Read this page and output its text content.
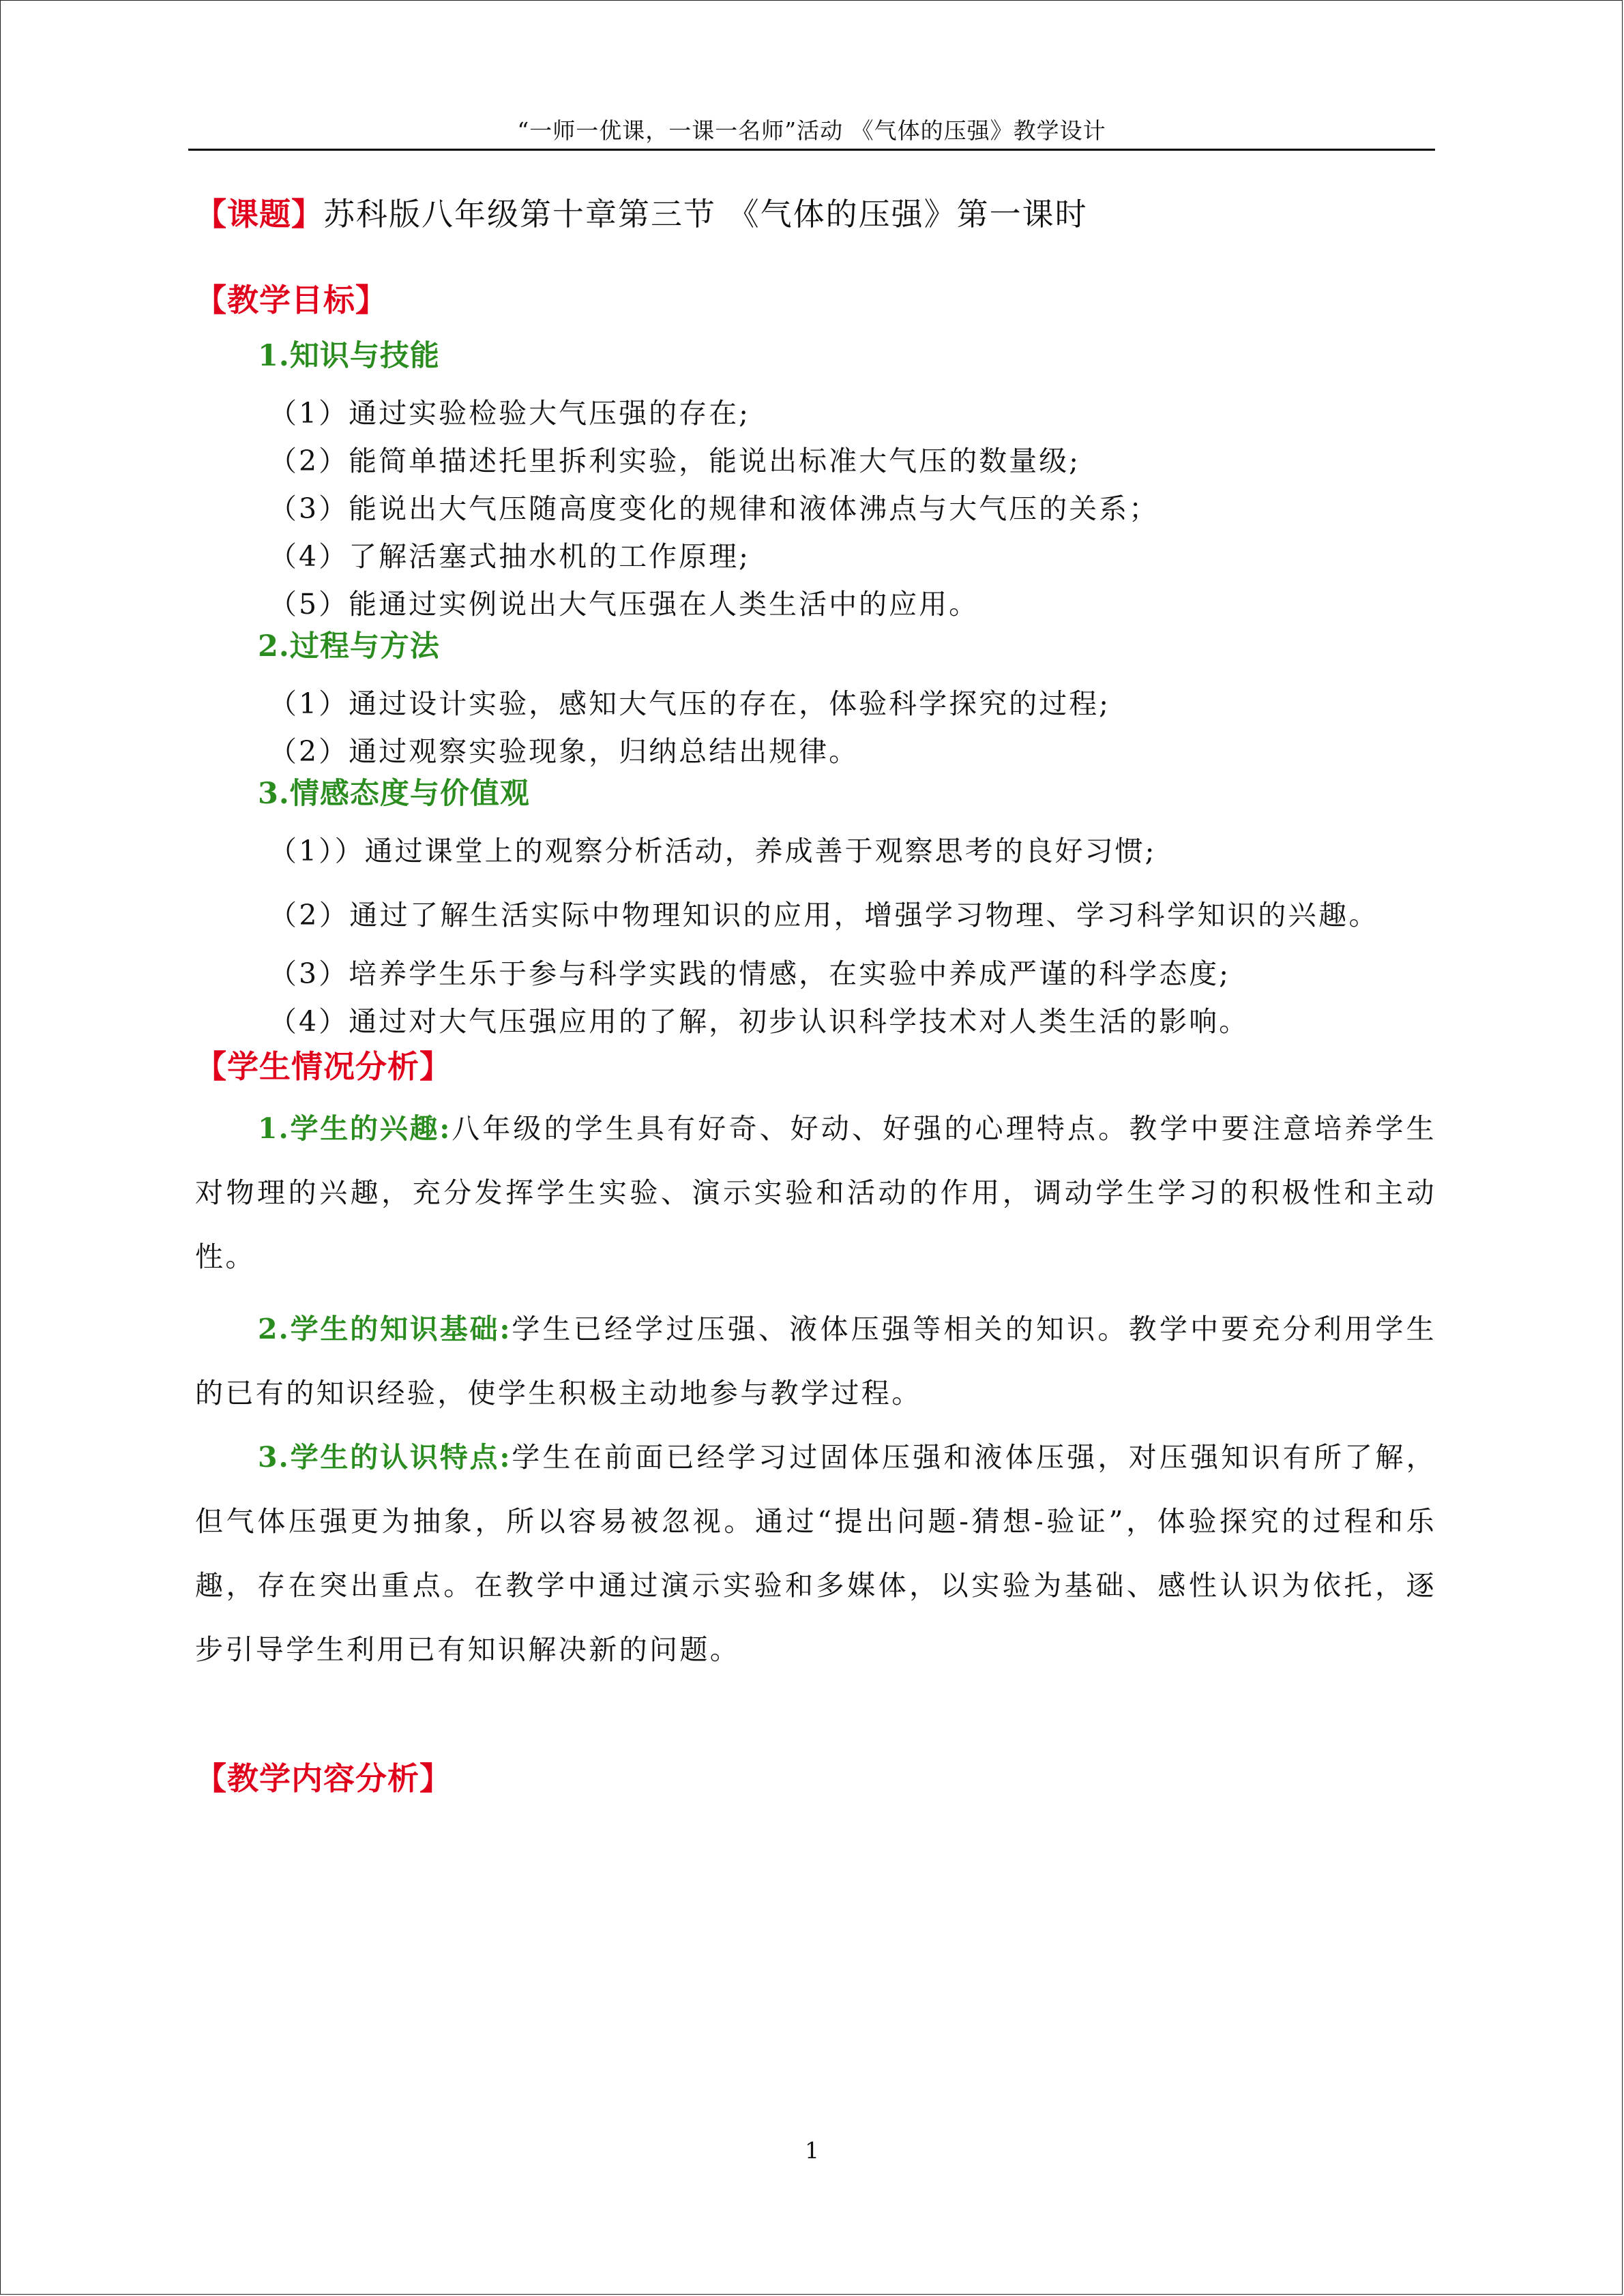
“一师一优课，一课一名师”活动 《气体的压强》教学设计
【课题】苏科版八年级第十章第三节 《气体的压强》第一课时
【教学目标】
1.知识与技能
（1）通过实验检验大气压强的存在;
（2）能简单描述托里拆利实验，能说出标准大气压的数量级;
（3）能说出大气压随高度变化的规律和液体沸点与大气压的关系；
（4）了解活塞式抽水机的工作原理;
（5）能通过实例说出大气压强在人类生活中的应用。
2.过程与方法
（1）通过设计实验，感知大气压的存在，体验科学探究的过程;
（2）通过观察实验现象，归纳总结出规律。
3.情感态度与价值观
（1））通过课堂上的观察分析活动，养成善于观察思考的良好习惯;
（2）通过了解生活实际中物理知识的应用，增强学习物理、学习科学知识的兴趣。
（3）培养学生乐于参与科学实践的情感，在实验中养成严谨的科学态度;
（4）通过对大气压强应用的了解，初步认识科学技术对人类生活的影响。
【学生情况分析】
1.学生的兴趣:八年级的学生具有好奇、好动、好强的心理特点。教学中要注意培养学生对物理的兴趣，充分发挥学生实验、演示实验和活动的作用，调动学生学习的积极性和主动性。
2.学生的知识基础:学生已经学过压强、液体压强等相关的知识。教学中要充分利用学生的已有的知识经验，使学生积极主动地参与教学过程。
3.学生的认识特点:学生在前面已经学习过固体压强和液体压强，对压强知识有所了解，但气体压强更为抽象，所以容易被忽视。通过“提出问题-猜想-验证”，体验探究的过程和乐趣，存在突出重点。在教学中通过演示实验和多媒体，以实验为基础、感性认识为依托，逐步引导学生利用已有知识解决新的问题。
【教学内容分析】
1
